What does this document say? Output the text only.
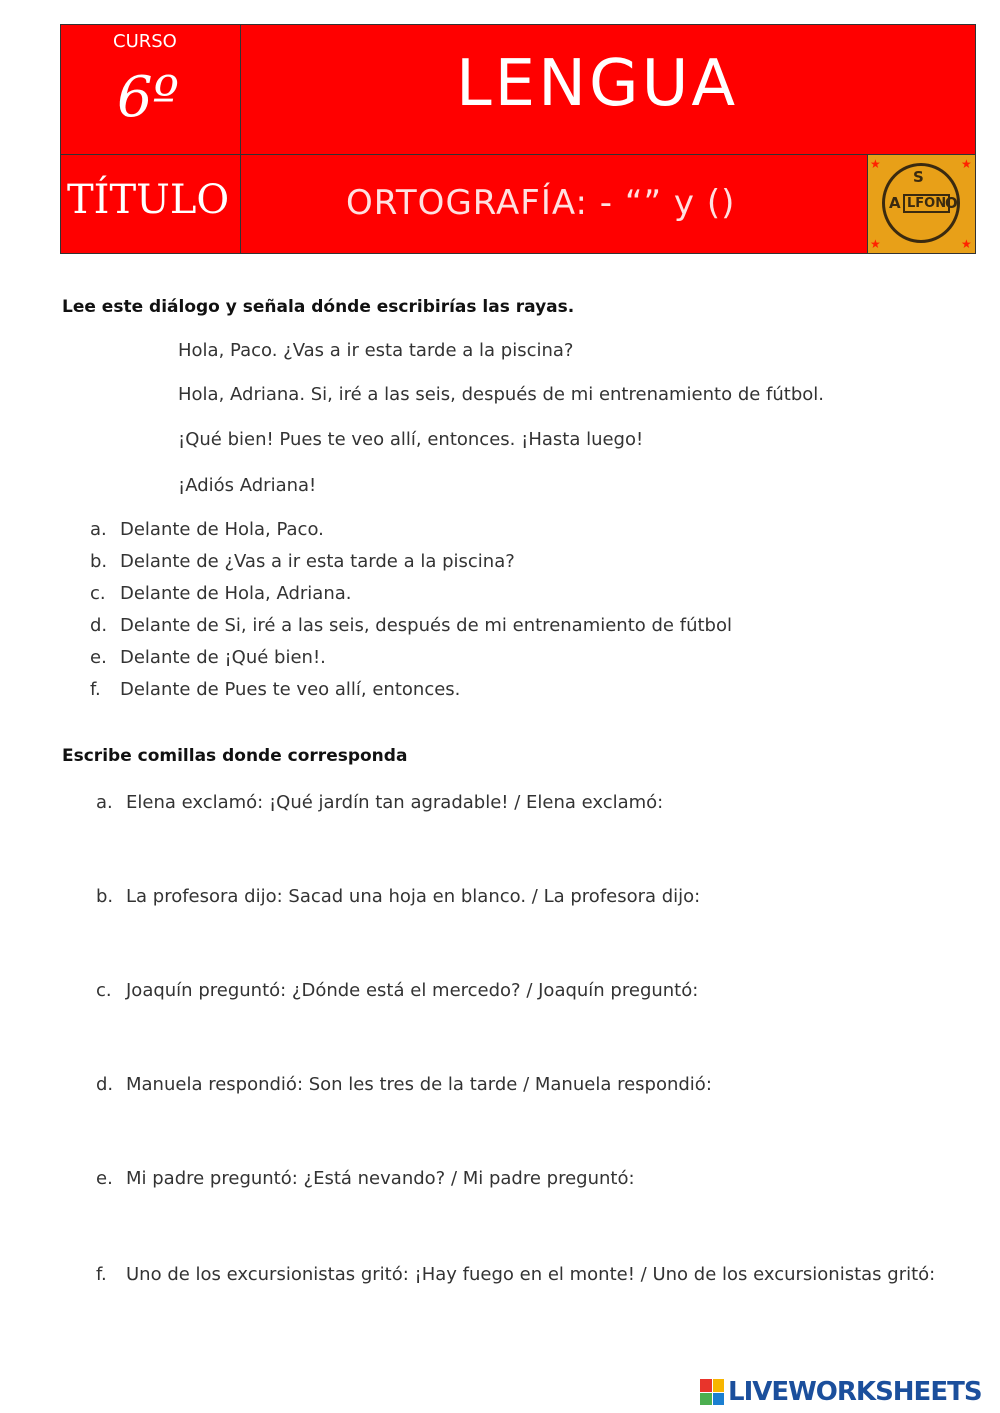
CURSO
6º	LENGUA
TÍTULO	ORTOGRAFÍA: - “” y ()
★	★
★	★
S
A LFON
O
Lee este diálogo y señala dónde escribirías las rayas.
Hola, Paco. ¿Vas a ir esta tarde a la piscina?
Hola, Adriana. Si, iré a las seis, después de mi entrenamiento de fútbol.
¡Qué bien! Pues te veo allí, entonces. ¡Hasta luego!
¡Adiós Adriana!
a. Delante de Hola, Paco.
b. Delante de ¿Vas a ir esta tarde a la piscina?
c. Delante de Hola, Adriana.
d. Delante de Si, iré a las seis, después de mi entrenamiento de fútbol
e. Delante de ¡Qué bien!.
f. Delante de Pues te veo allí, entonces.
Escribe comillas donde corresponda
a. Elena exclamó: ¡Qué jardín tan agradable! / Elena exclamó:
b. La profesora dijo: Sacad una hoja en blanco. / La profesora dijo:
c. Joaquín preguntó: ¿Dónde está el mercedo? / Joaquín preguntó:
d. Manuela respondió: Son les tres de la tarde / Manuela respondió:
e. Mi padre preguntó: ¿Está nevando? / Mi padre preguntó:
f. Uno de los excursionistas gritó: ¡Hay fuego en el monte! / Uno de los excursionistas gritó:
LIVEWORKSHEETS
